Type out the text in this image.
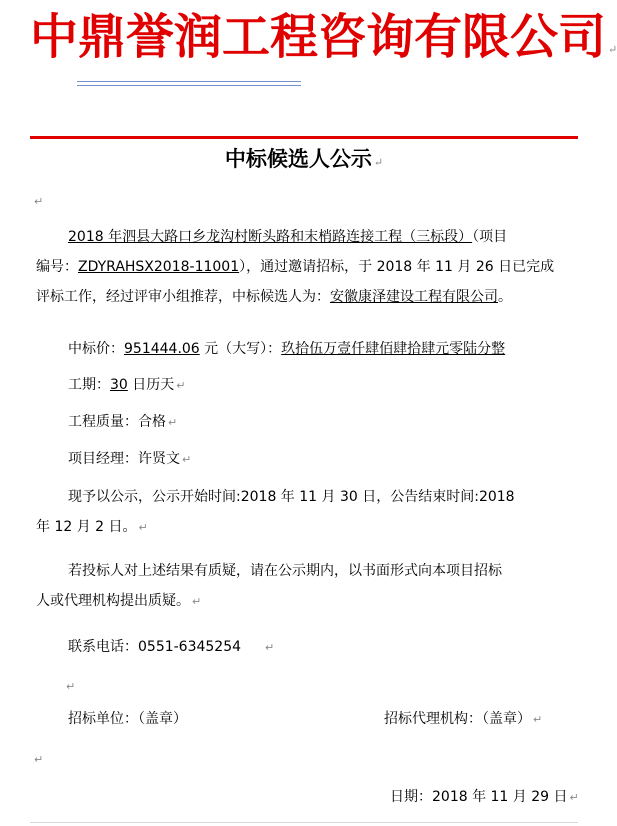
中鼎誉润工程咨询有限公司 ↵
中标候选人公示 ↵
↵
2018 年泗县大路口乡龙沟村断头路和末梢路连接工程（三标段）（项目
编号：ZDYRAHSX2018-11001），通过邀请招标，于 2018 年 11 月 26 日已完成
评标工作，经过评审小组推荐，中标候选人为：安徽康泽建设工程有限公司。
中标价：951444.06 元（大写）：玖拾伍万壹仟肆佰肆拾肆元零陆分整
工期：30 日历天 ↵
工程质量：合格 ↵
项目经理：许贤文 ↵
现予以公示，公示开始时间:2018 年 11 月 30 日，公告结束时间:2018
年 12 月 2 日。 ↵
若投标人对上述结果有质疑，请在公示期内，以书面形式向本项目招标
人或代理机构提出质疑。 ↵
联系电话：0551-6345254 ↵
↵
招标单位：（盖章）	招标代理机构：（盖章） ↵
↵
日期：2018 年 11 月 29 日 ↵
